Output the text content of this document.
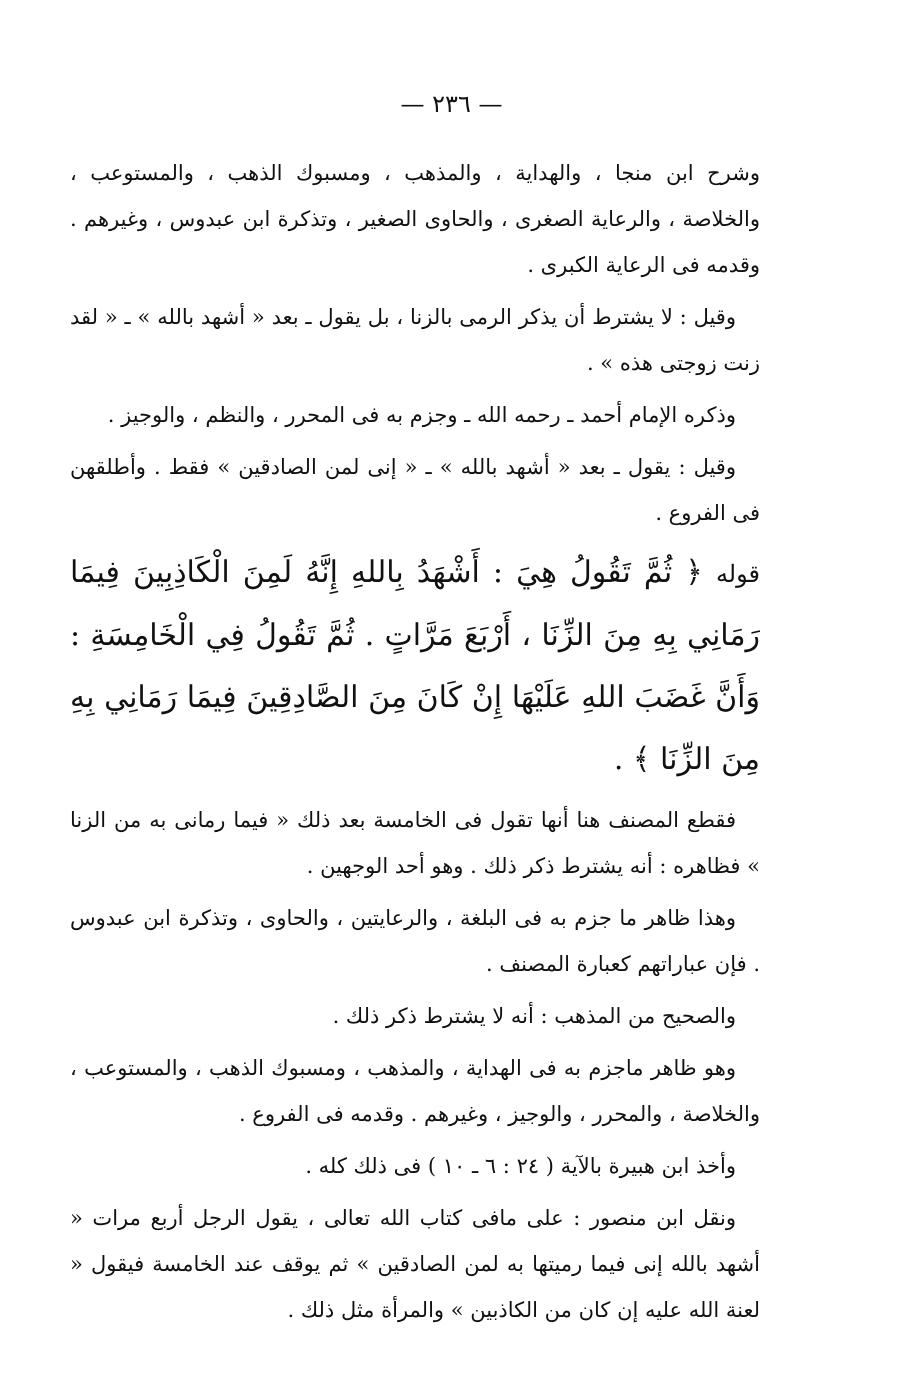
— ٢٣٦ —

وشرح ابن منجا ، والهداية ، والمذهب ، ومسبوك الذهب ، والمستوعب ، والخلاصة ، والرعاية الصغرى ، والحاوى الصغير ، وتذكرة ابن عبدوس ، وغيرهم . وقدمه فى الرعاية الكبرى .

وقيل : لا يشترط أن يذكر الرمى بالزنا ، بل يقول ـ بعد « أشهد بالله » ـ « لقد زنت زوجتى هذه » .

وذكره الإمام أحمد ـ رحمه الله ـ وجزم به فى المحرر ، والنظم ، والوجيز .

وقيل : يقول ـ بعد « أشهد بالله » ـ « إنى لمن الصادقين » فقط . وأطلقهن فى الفروع .

قوله ﴿ ثُمَّ تَقُولُ هِيَ : أَشْهَدُ بِاللهِ إِنَّهُ لَمِنَ الْكَاذِبِينَ فِيمَا رَمَانِي بِهِ مِنَ الزِّنَا ، أَرْبَعَ مَرَّاتٍ . ثُمَّ تَقُولُ فِي الْخَامِسَةِ : وَأَنَّ غَضَبَ اللهِ عَلَيْهَا إِنْ كَانَ مِنَ الصَّادِقِينَ فِيمَا رَمَانِي بِهِ مِنَ الزِّنَا ﴾ .

فقطع المصنف هنا أنها تقول فى الخامسة بعد ذلك « فيما رمانى به من الزنا » فظاهره : أنه يشترط ذكر ذلك . وهو أحد الوجهين .

وهذا ظاهر ما جزم به فى البلغة ، والرعايتين ، والحاوى ، وتذكرة ابن عبدوس . فإن عباراتهم كعبارة المصنف .

والصحيح من المذهب : أنه لا يشترط ذكر ذلك .

وهو ظاهر ماجزم به فى الهداية ، والمذهب ، ومسبوك الذهب ، والمستوعب ، والخلاصة ، والمحرر ، والوجيز ، وغيرهم . وقدمه فى الفروع .

وأخذ ابن هبيرة بالآية ( ٢٤ : ٦ ـ ١٠ ) فى ذلك كله .

ونقل ابن منصور : على مافى كتاب الله تعالى ، يقول الرجل أربع مرات « أشهد بالله إنى فيما رميتها به لمن الصادقين » ثم يوقف عند الخامسة فيقول « لعنة الله عليه إن كان من الكاذبين » والمرأة مثل ذلك .
